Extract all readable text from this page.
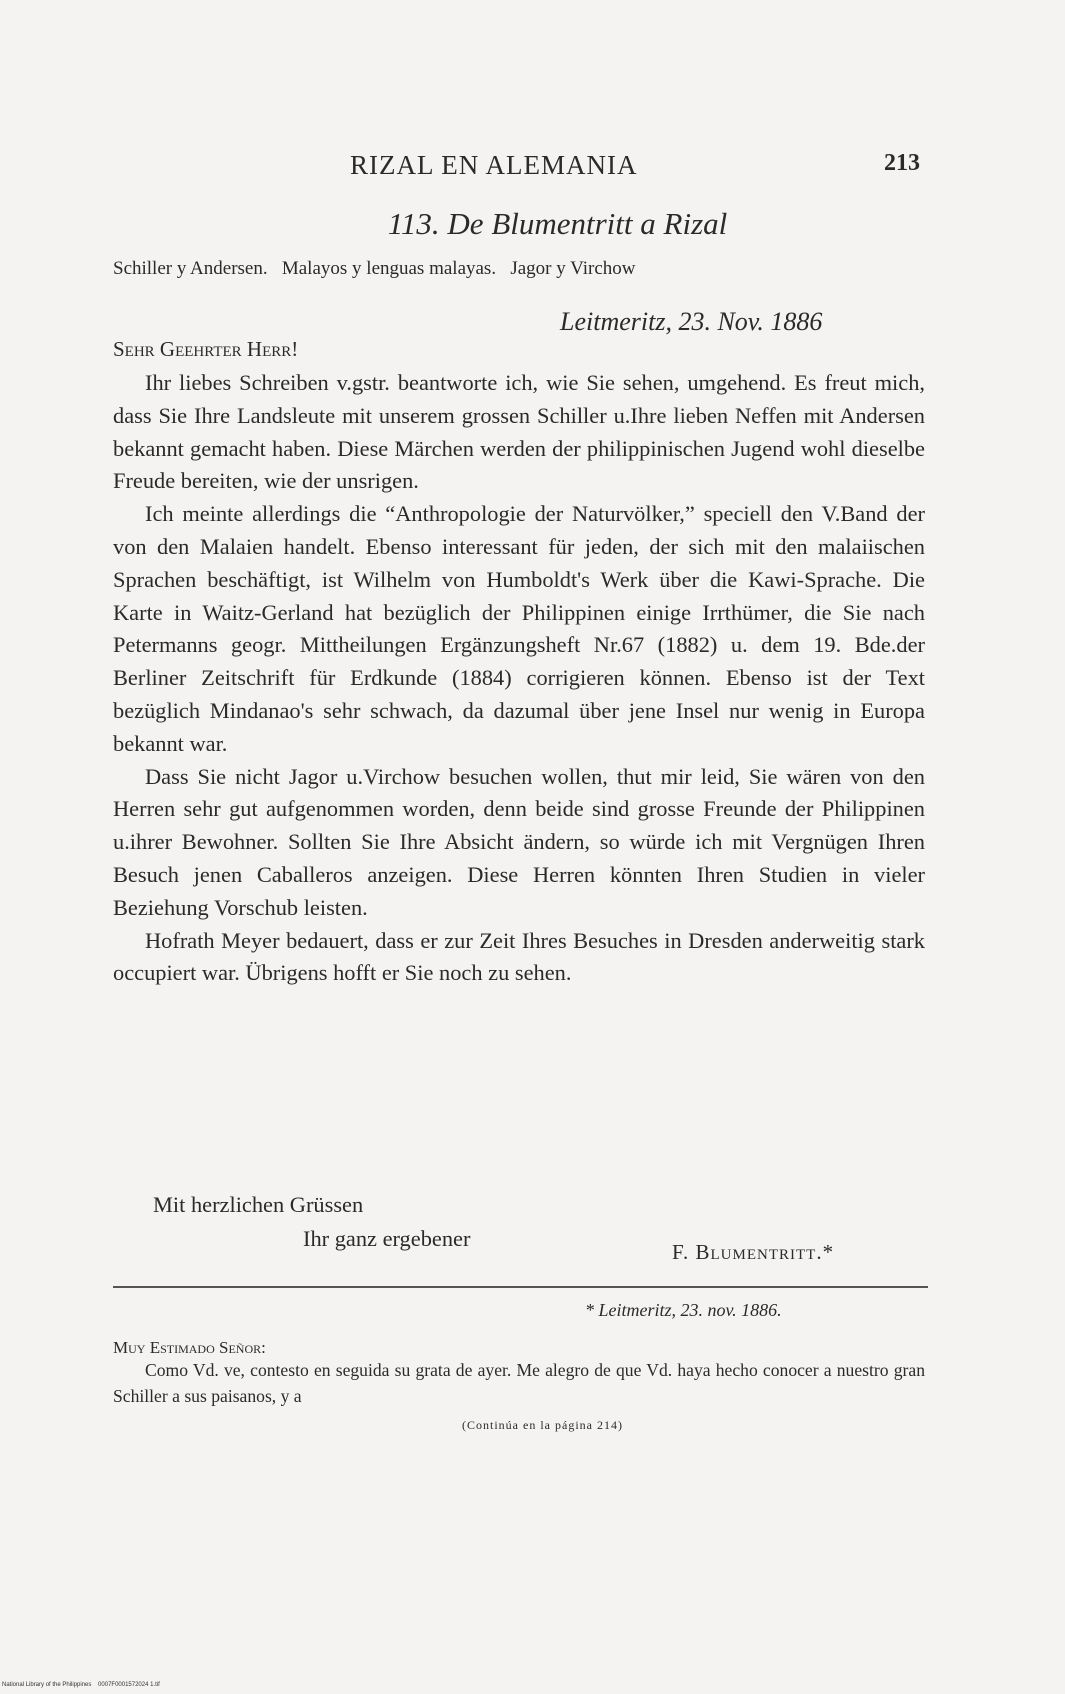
RIZAL EN ALEMANIA	213
113. De Blumentritt a Rizal
Schiller y Andersen.   Malayos y lenguas malayas.   Jagor y Virchow
Leitmeritz, 23. Nov. 1886
Sehr Geehrter Herr!

Ihr liebes Schreiben v.gstr. beantworte ich, wie Sie sehen, umgehend. Es freut mich, dass Sie Ihre Landsleute mit unserem grossen Schiller u.Ihre lieben Neffen mit Andersen bekannt gemacht haben. Diese Märchen werden der philippinischen Jugend wohl dieselbe Freude bereiten, wie der unsrigen.

Ich meinte allerdings die “Anthropologie der Naturvölker,” speciell den V.Band der von den Malaien handelt. Ebenso interessant für jeden, der sich mit den malaiischen Sprachen beschäftigt, ist Wilhelm von Humboldt's Werk über die Kawi-Sprache. Die Karte in Waitz-Gerland hat bezüglich der Philippinen einige Irrthümer, die Sie nach Petermanns geogr. Mittheilungen Ergänzungsheft Nr.67 (1882) u. dem 19. Bde.der Berliner Zeitschrift für Erdkunde (1884) corrigieren können. Ebenso ist der Text bezüglich Mindanao's sehr schwach, da dazumal über jene Insel nur wenig in Europa bekannt war.

Dass Sie nicht Jagor u.Virchow besuchen wollen, thut mir leid, Sie wären von den Herren sehr gut aufgenommen worden, denn beide sind grosse Freunde der Philippinen u.ihrer Bewohner. Sollten Sie Ihre Absicht ändern, so würde ich mit Vergnügen Ihren Besuch jenen Caballeros anzeigen. Diese Herren könnten Ihren Studien in vieler Beziehung Vorschub leisten.

Hofrath Meyer bedauert, dass er zur Zeit Ihres Besuches in Dresden anderweitig stark occupiert war. Übrigens hofft er Sie noch zu sehen.

Mit herzlichen Grüssen
Ihr ganz ergebener
F. Blumentritt.*
* Leitmeritz, 23. nov. 1886.
Muy Estimado Señor:

Como Vd. ve, contesto en seguida su grata de ayer. Me alegro de que Vd. haya hecho conocer a nuestro gran Schiller a sus paisanos, y a

(Continúa en la página 214)
National Library of the Philippines    0007F0001572024 1.tif
